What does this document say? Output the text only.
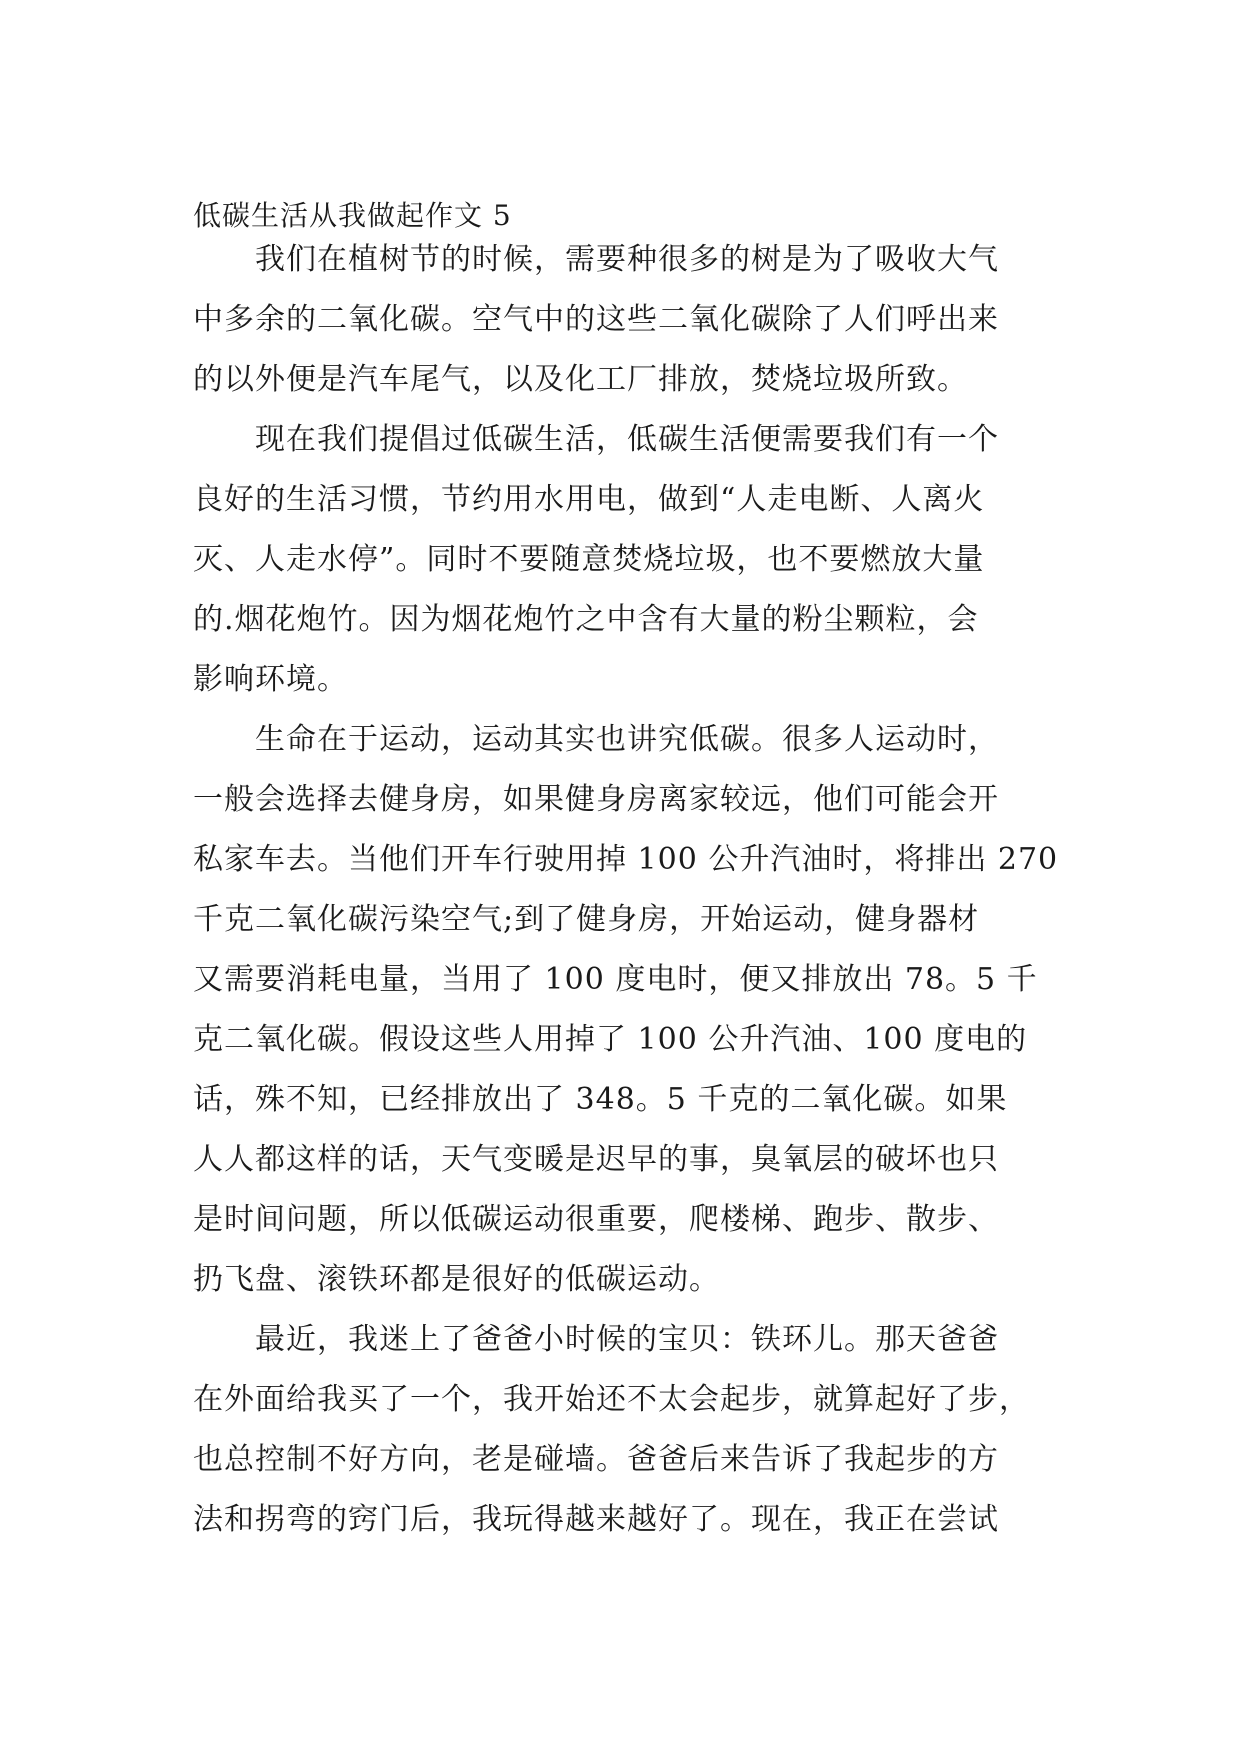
低碳生活从我做起作文 5
　　我们在植树节的时候，需要种很多的树是为了吸收大气
中多余的二氧化碳。空气中的这些二氧化碳除了人们呼出来
的以外便是汽车尾气，以及化工厂排放，焚烧垃圾所致。
　　现在我们提倡过低碳生活，低碳生活便需要我们有一个
良好的生活习惯，节约用水用电，做到“人走电断、人离火
灭、人走水停”。同时不要随意焚烧垃圾，也不要燃放大量
的.烟花炮竹。因为烟花炮竹之中含有大量的粉尘颗粒，会
影响环境。
　　生命在于运动，运动其实也讲究低碳。很多人运动时，
一般会选择去健身房，如果健身房离家较远，他们可能会开
私家车去。当他们开车行驶用掉 100 公升汽油时，将排出 270
千克二氧化碳污染空气;到了健身房，开始运动，健身器材
又需要消耗电量，当用了 100 度电时，便又排放出 78。5 千
克二氧化碳。假设这些人用掉了 100 公升汽油、100 度电的
话，殊不知，已经排放出了 348。5 千克的二氧化碳。如果
人人都这样的话，天气变暖是迟早的事，臭氧层的破坏也只
是时间问题，所以低碳运动很重要，爬楼梯、跑步、散步、
扔飞盘、滚铁环都是很好的低碳运动。
　　最近，我迷上了爸爸小时候的宝贝：铁环儿。那天爸爸
在外面给我买了一个，我开始还不太会起步，就算起好了步，
也总控制不好方向，老是碰墙。爸爸后来告诉了我起步的方
法和拐弯的窍门后，我玩得越来越好了。现在，我正在尝试
